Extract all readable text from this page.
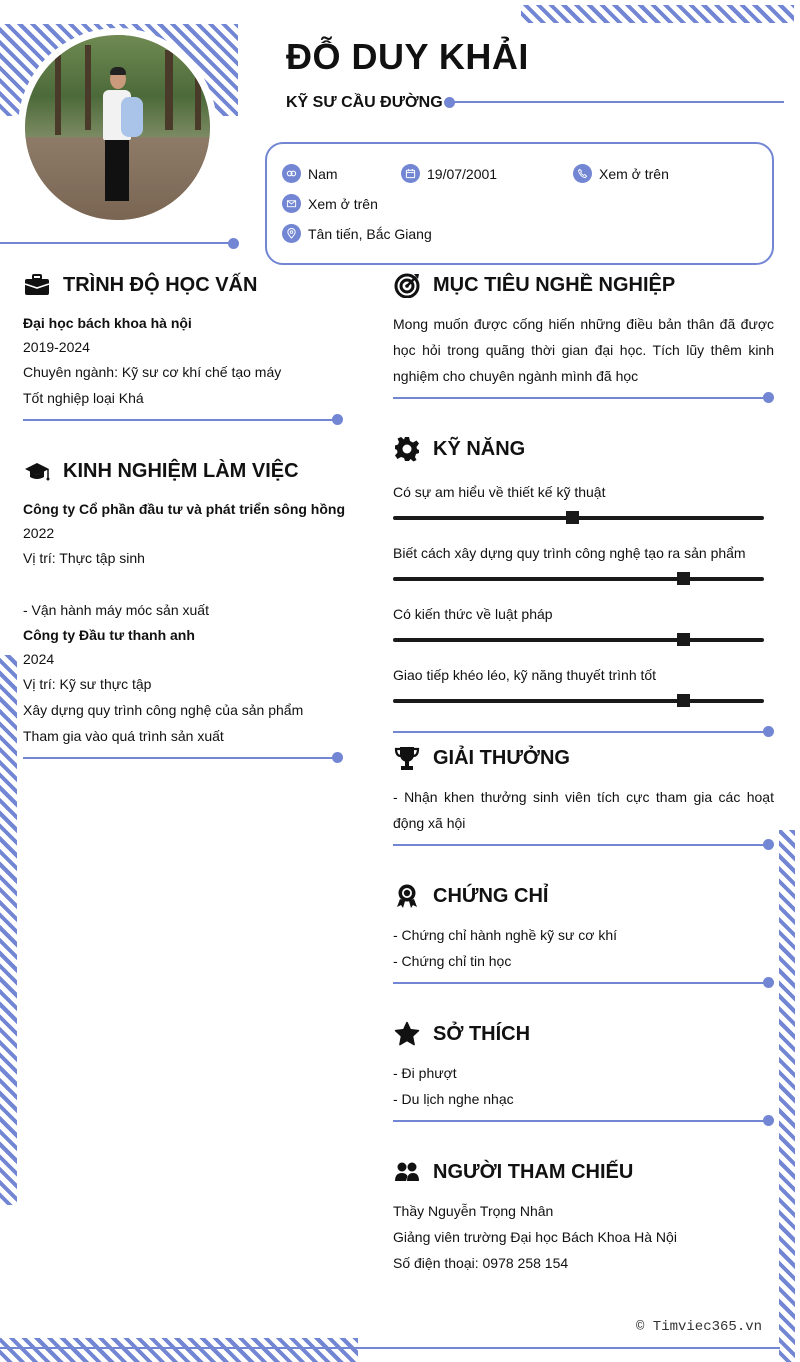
ĐỖ DUY KHẢI
KỸ SƯ CẦU ĐƯỜNG
Nam	19/07/2001	Xem ở trên
Xem ở trên
Tân tiến, Bắc Giang
TRÌNH ĐỘ HỌC VẤN
Đại học bách khoa hà nội
2019-2024
Chuyên ngành: Kỹ sư cơ khí chế tạo máy
Tốt nghiệp loại Khá
KINH NGHIỆM LÀM VIỆC
Công ty Cổ phần đầu tư và phát triển sông hồng
2022
Vị trí: Thực tập sinh
- Vận hành máy móc sản xuất
Công ty Đầu tư thanh anh
2024
Vị trí: Kỹ sư thực tập
Xây dựng quy trình công nghệ của sản phẩm
Tham gia vào quá trình sản xuất
MỤC TIÊU NGHỀ NGHIỆP
Mong muốn được cống hiến những điều bản thân đã được học hỏi trong quãng thời gian đại học. Tích lũy thêm kinh nghiệm cho chuyên ngành mình đã học
KỸ NĂNG
Có sự am hiểu về thiết kế kỹ thuật
Biết cách xây dựng quy trình công nghệ tạo ra sản phẩm
Có kiến thức về luật pháp
Giao tiếp khéo léo, kỹ năng thuyết trình tốt
GIẢI THƯỞNG
- Nhận khen thưởng sinh viên tích cực tham gia các hoạt động xã hội
CHỨNG CHỈ
- Chứng chỉ hành nghề kỹ sư cơ khí
- Chứng chỉ tin học
SỞ THÍCH
- Đi phượt
- Du lịch nghe nhạc
NGƯỜI THAM CHIẾU
Thầy Nguyễn Trọng Nhân
Giảng viên trường Đại học Bách Khoa Hà Nội
Số điện thoại: 0978 258 154
© Timviec365.vn
